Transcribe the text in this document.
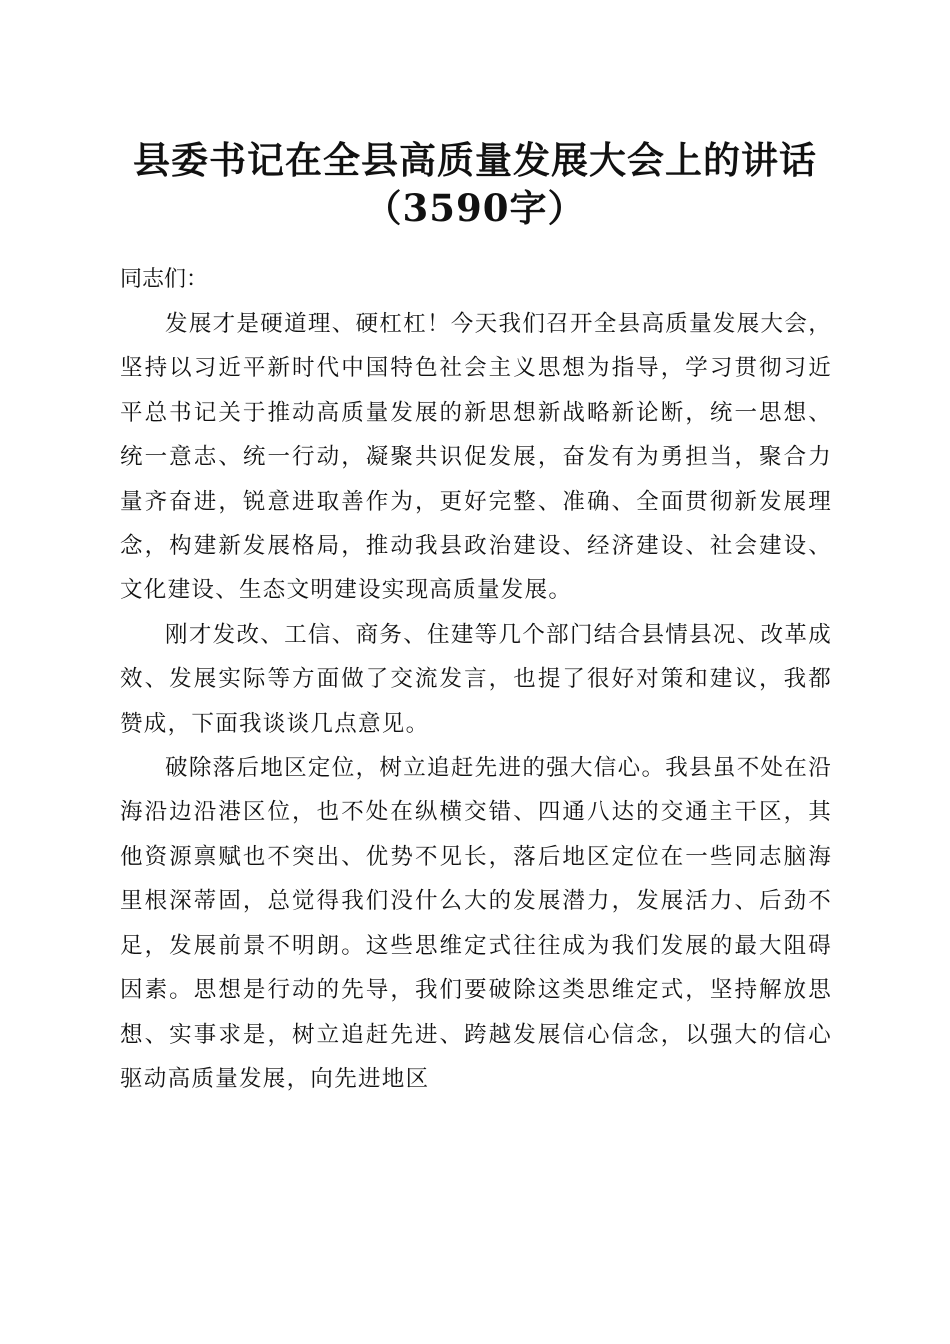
县委书记在全县高质量发展大会上的讲话
（3590字）

同志们：

发展才是硬道理、硬杠杠！今天我们召开全县高质量发展大会，坚持以习近平新时代中国特色社会主义思想为指导，学习贯彻习近平总书记关于推动高质量发展的新思想新战略新论断，统一思想、统一意志、统一行动，凝聚共识促发展，奋发有为勇担当，聚合力量齐奋进，锐意进取善作为，更好完整、准确、全面贯彻新发展理念，构建新发展格局，推动我县政治建设、经济建设、社会建设、文化建设、生态文明建设实现高质量发展。

刚才发改、工信、商务、住建等几个部门结合县情县况、改革成效、发展实际等方面做了交流发言，也提了很好对策和建议，我都赞成，下面我谈谈几点意见。

破除落后地区定位，树立追赶先进的强大信心。我县虽不处在沿海沿边沿港区位，也不处在纵横交错、四通八达的交通主干区，其他资源禀赋也不突出、优势不见长，落后地区定位在一些同志脑海里根深蒂固，总觉得我们没什么大的发展潜力，发展活力、后劲不足，发展前景不明朗。这些思维定式往往成为我们发展的最大阻碍因素。思想是行动的先导，我们要破除这类思维定式，坚持解放思想、实事求是，树立追赶先进、跨越发展信心信念，以强大的信心驱动高质量发展，向先进地区
